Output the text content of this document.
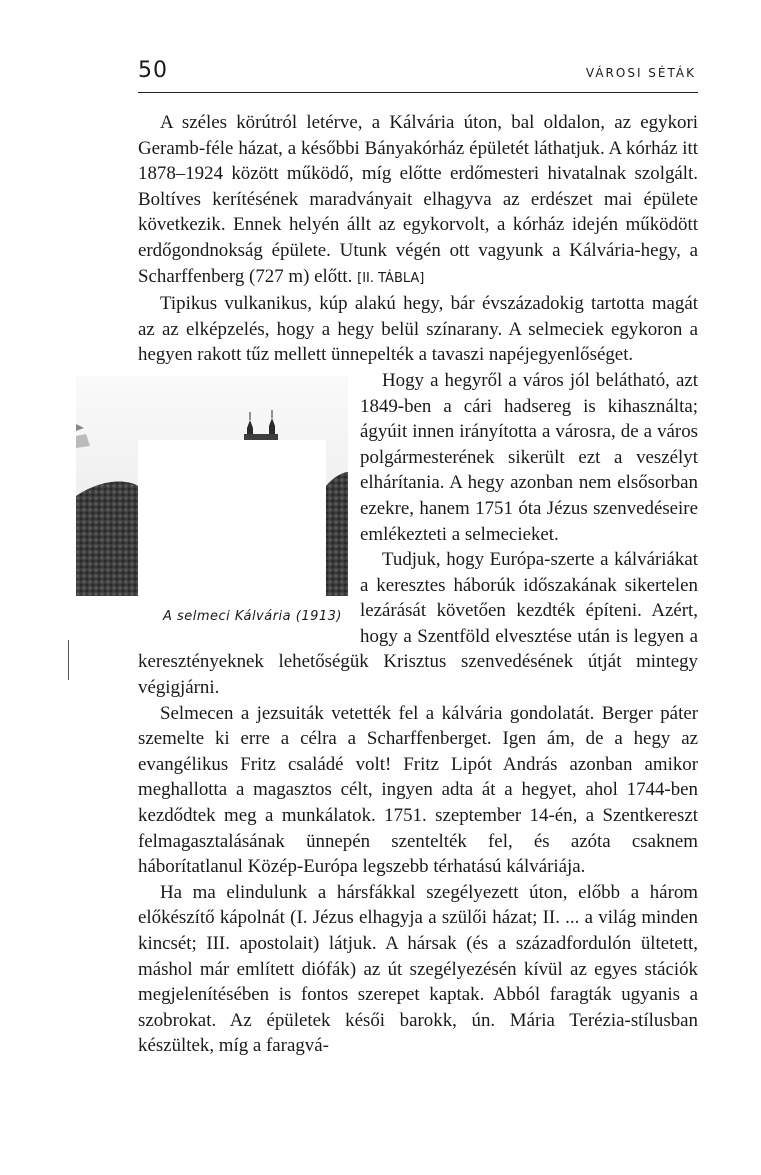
50	VÁROSI SÉTÁK

A széles körútról letérve, a Kálvária úton, bal oldalon, az egykori Geramb-féle házat, a későbbi Bányakórház épületét láthatjuk. A kórház itt 1878–1924 között működő, míg előtte erdőmesteri hivatalnak szolgált. Boltíves kerítésének maradványait elhagyva az erdészet mai épülete következik. Ennek helyén állt az egykorvolt, a kórház idején működött erdőgondnokság épülete. Utunk végén ott vagyunk a Kálvária-hegy, a Scharffenberg (727 m) előtt. [II. TÁBLA]

Tipikus vulkanikus, kúp alakú hegy, bár évszázadokig tartotta magát az az elképzelés, hogy a hegy belül színarany. A selmeciek egykoron a hegyen rakott tűz mellett ünnepelték a tavaszi napéjegyenlőséget.

A selmeci Kálvária (1913)

Hogy a hegyről a város jól belátható, azt 1849-ben a cári hadsereg is kihasználta; ágyúit innen irányította a városra, de a város polgármesterének sikerült ezt a veszélyt elhárítania. A hegy azonban nem elsősorban ezekre, hanem 1751 óta Jézus szenvedéseire emlékezteti a selmecieket.

Tudjuk, hogy Európa-szerte a kálváriákat a keresztes háborúk időszakának sikertelen lezárását követően kezdték építeni. Azért, hogy a Szentföld elvesztése után is legyen a keresztényeknek lehetőségük Krisztus szenvedésének útját mintegy végigjárni.

Selmecen a jezsuiták vetették fel a kálvária gondolatát. Berger páter szemelte ki erre a célra a Scharffenberget. Igen ám, de a hegy az evangélikus Fritz családé volt! Fritz Lipót András azonban amikor meghallotta a magasztos célt, ingyen adta át a hegyet, ahol 1744-ben kezdődtek meg a munkálatok. 1751. szeptember 14-én, a Szentkereszt felmagasztalásának ünnepén szentelték fel, és azóta csaknem háborítatlanul Közép-Európa legszebb térhatású kálváriája.

Ha ma elindulunk a hársfákkal szegélyezett úton, előbb a három előkészítő kápolnát (I. Jézus elhagyja a szülői házat; II. ... a világ minden kincsét; III. apostolait) látjuk. A hársak (és a századfordulón ültetett, máshol már említett diófák) az út szegélyezésén kívül az egyes stációk megjelenítésében is fontos szerepet kaptak. Abból faragták ugyanis a szobrokat. Az épületek késői barokk, ún. Mária Terézia-stílusban készültek, míg a faragvá-
